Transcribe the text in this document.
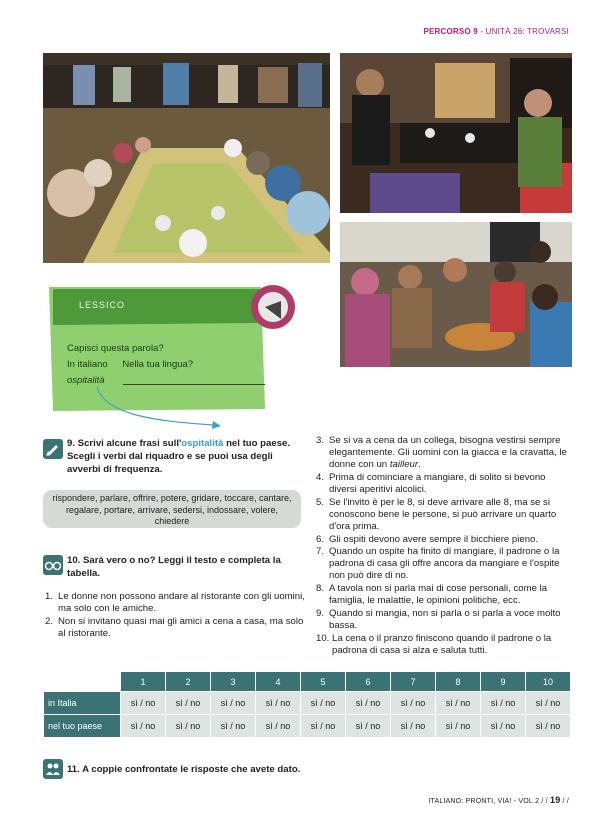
PERCORSO 9 - UNITÀ 26: TROVARSI
LESSICO
Capisci questa parola?
In italiano Nella tua lingua?
ospitalità
9. Scrivi alcune frasi sull'ospitalità nel tuo paese. Scegli i verbi dal riquadro e se puoi usa degli avverbi di frequenza.
rispondere, parlare, offrire, potere, gridare, toccare, cantare, regalare, portare, arrivare, sedersi, indossare, volere, chiedere
10. Sarà vero o no? Leggi il testo e completa la tabella.
1. Le donne non possono andare al ristorante con gli uomini, ma solo con le amiche.
2. Non si invitano quasi mai gli amici a cena a casa, ma solo al ristorante.
3. Se si va a cena da un collega, bisogna vestirsi sempre elegantemente. Gli uomini con la giacca e la cravatta, le donne con un tailleur.
4. Prima di cominciare a mangiare, di solito si bevono diversi aperitivi alcolici.
5. Se l'invito è per le 8, si deve arrivare alle 8, ma se si conoscono bene le persone, si può arrivare un quarto d'ora prima.
6. Gli ospiti devono avere sempre il bicchiere pieno.
7. Quando un ospite ha finito di mangiare, il padrone o la padrona di casa gli offre ancora da mangiare e l'ospite non può dire di no.
8. A tavola non si parla mai di cose personali, come la famiglia, le malattie, le opinioni politiche, ecc.
9. Quando si mangia, non si parla o si parla a voce molto bassa.
10. La cena o il pranzo finiscono quando il padrone o la padrona di casa si alza e saluta tutti.
	1	2	3	4	5	6	7	8	9	10
in Italia	sì / no	sì / no	sì / no	sì / no	sì / no	sì / no	sì / no	sì / no	sì / no	sì / no
nel tuo paese	sì / no	sì / no	sì / no	sì / no	sì / no	sì / no	sì / no	sì / no	sì / no	sì / no
11. A coppie confrontate le risposte che avete dato.
ITALIANO: PRONTI, VIA! - VOL.2 / / 19 / /
